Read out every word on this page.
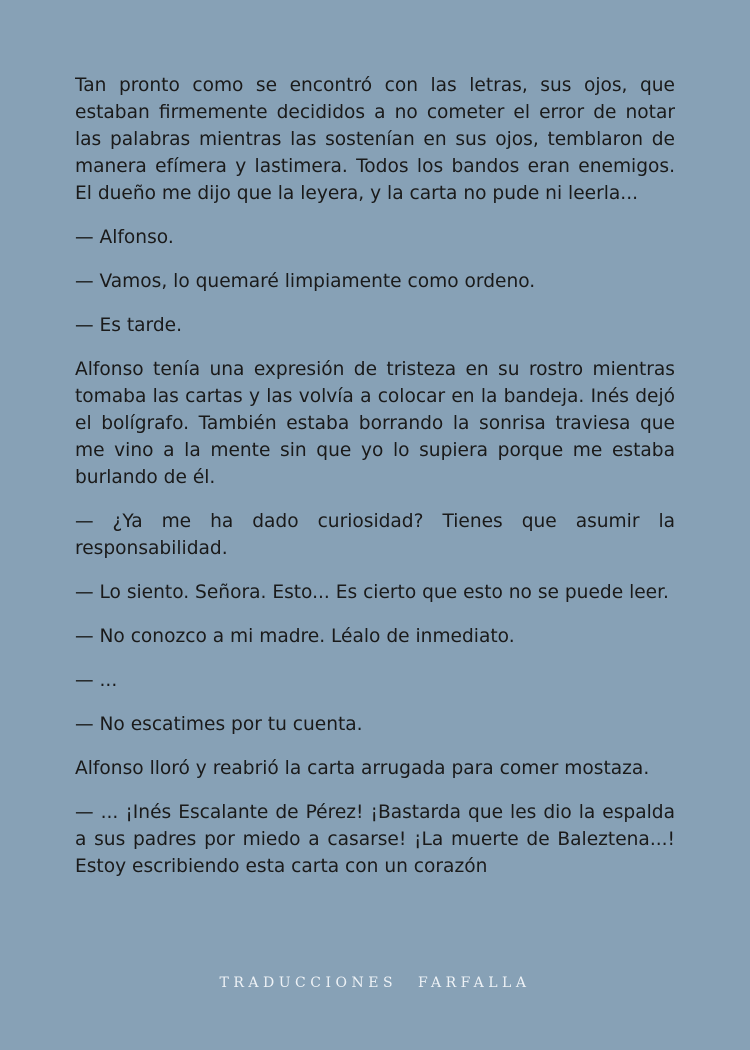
Tan pronto como se encontró con las letras, sus ojos, que estaban firmemente decididos a no cometer el error de notar las palabras mientras las sostenían en sus ojos, temblaron de manera efímera y lastimera. Todos los bandos eran enemigos. El dueño me dijo que la leyera, y la carta no pude ni leerla...

— Alfonso.

— Vamos, lo quemaré limpiamente como ordeno.

— Es tarde.

Alfonso tenía una expresión de tristeza en su rostro mientras tomaba las cartas y las volvía a colocar en la bandeja. Inés dejó el bolígrafo. También estaba borrando la sonrisa traviesa que me vino a la mente sin que yo lo supiera porque me estaba burlando de él.

— ¿Ya me ha dado curiosidad? Tienes que asumir la responsabilidad.

— Lo siento. Señora. Esto... Es cierto que esto no se puede leer.

— No conozco a mi madre. Léalo de inmediato.

— ...

— No escatimes por tu cuenta.

Alfonso lloró y reabrió la carta arrugada para comer mostaza.

— ... ¡Inés Escalante de Pérez! ¡Bastarda que les dio la espalda a sus padres por miedo a casarse! ¡La muerte de Baleztena...! Estoy escribiendo esta carta con un corazón

TRADUCCIONES FARFALLA
